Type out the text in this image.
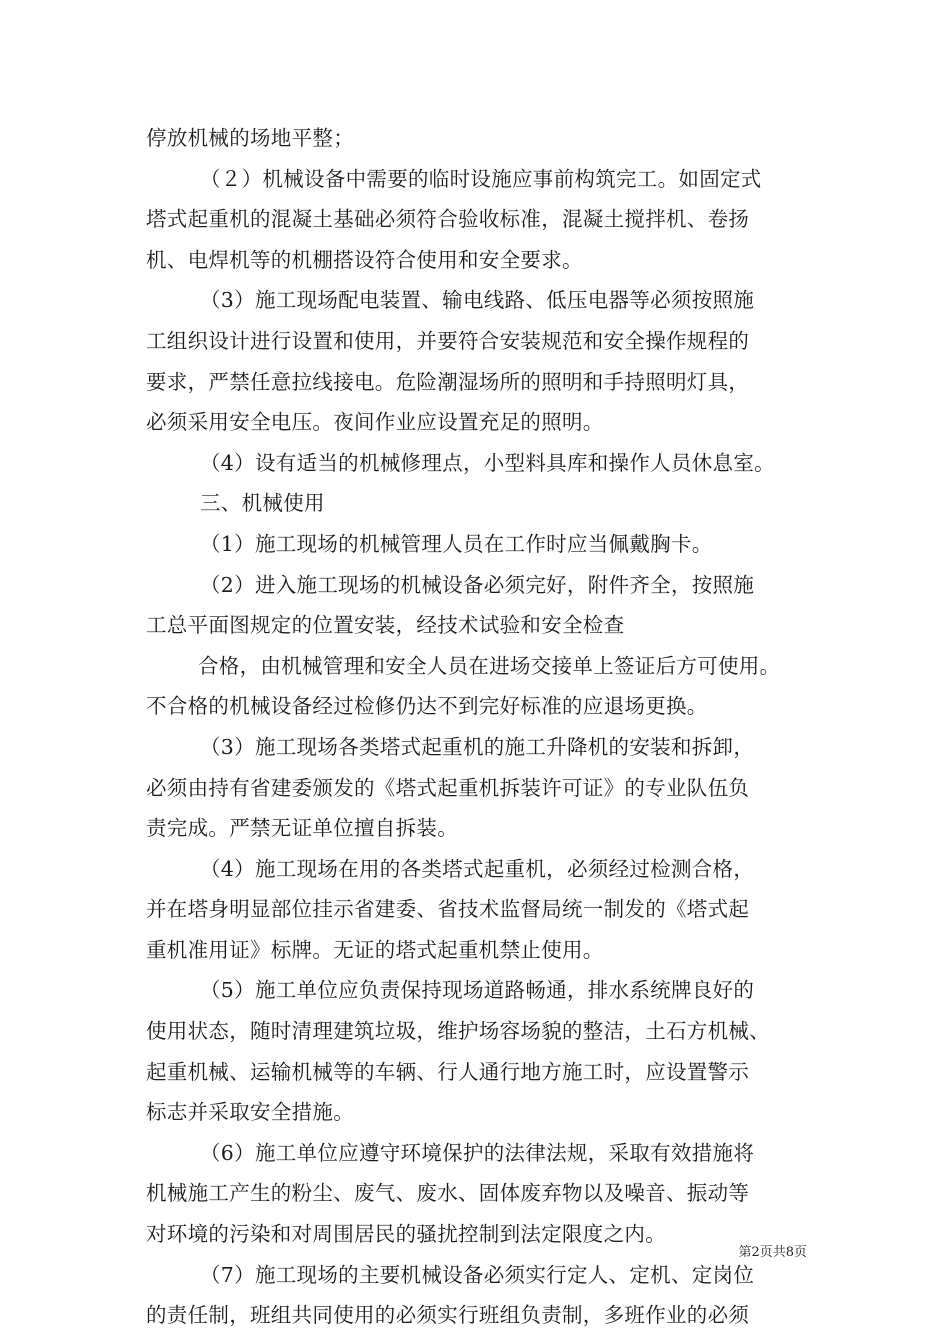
停放机械的场地平整；
（２）机械设备中需要的临时设施应事前构筑完工。如固定式
塔式起重机的混凝土基础必须符合验收标准，混凝土搅拌机、卷扬
机、电焊机等的机棚搭设符合使用和安全要求。
（3）施工现场配电装置、输电线路、低压电器等必须按照施
工组织设计进行设置和使用，并要符合安装规范和安全操作规程的
要求，严禁任意拉线接电。危险潮湿场所的照明和手持照明灯具，
必须采用安全电压。夜间作业应设置充足的照明。
（4）设有适当的机械修理点，小型料具库和操作人员休息室。
三、机械使用
（1）施工现场的机械管理人员在工作时应当佩戴胸卡。
（2）进入施工现场的机械设备必须完好，附件齐全，按照施
工总平面图规定的位置安装，经技术试验和安全检查
合格，由机械管理和安全人员在进场交接单上签证后方可使用。
不合格的机械设备经过检修仍达不到完好标准的应退场更换。
（3）施工现场各类塔式起重机的施工升降机的安装和拆卸，
必须由持有省建委颁发的《塔式起重机拆装许可证》的专业队伍负
责完成。严禁无证单位擅自拆装。
（4）施工现场在用的各类塔式起重机，必须经过检测合格，
并在塔身明显部位挂示省建委、省技术监督局统一制发的《塔式起
重机准用证》标牌。无证的塔式起重机禁止使用。
（5）施工单位应负责保持现场道路畅通，排水系统牌良好的
使用状态，随时清理建筑垃圾，维护场容场貌的整洁，土石方机械、
起重机械、运输机械等的车辆、行人通行地方施工时，应设置警示
标志并采取安全措施。
（6）施工单位应遵守环境保护的法律法规，采取有效措施将
机械施工产生的粉尘、废气、废水、固体废弃物以及噪音、振动等
对环境的污染和对周围居民的骚扰控制到法定限度之内。
（7）施工现场的主要机械设备必须实行定人、定机、定岗位
的责任制，班组共同使用的必须实行班组负责制，多班作业的必须
第2页共8页
